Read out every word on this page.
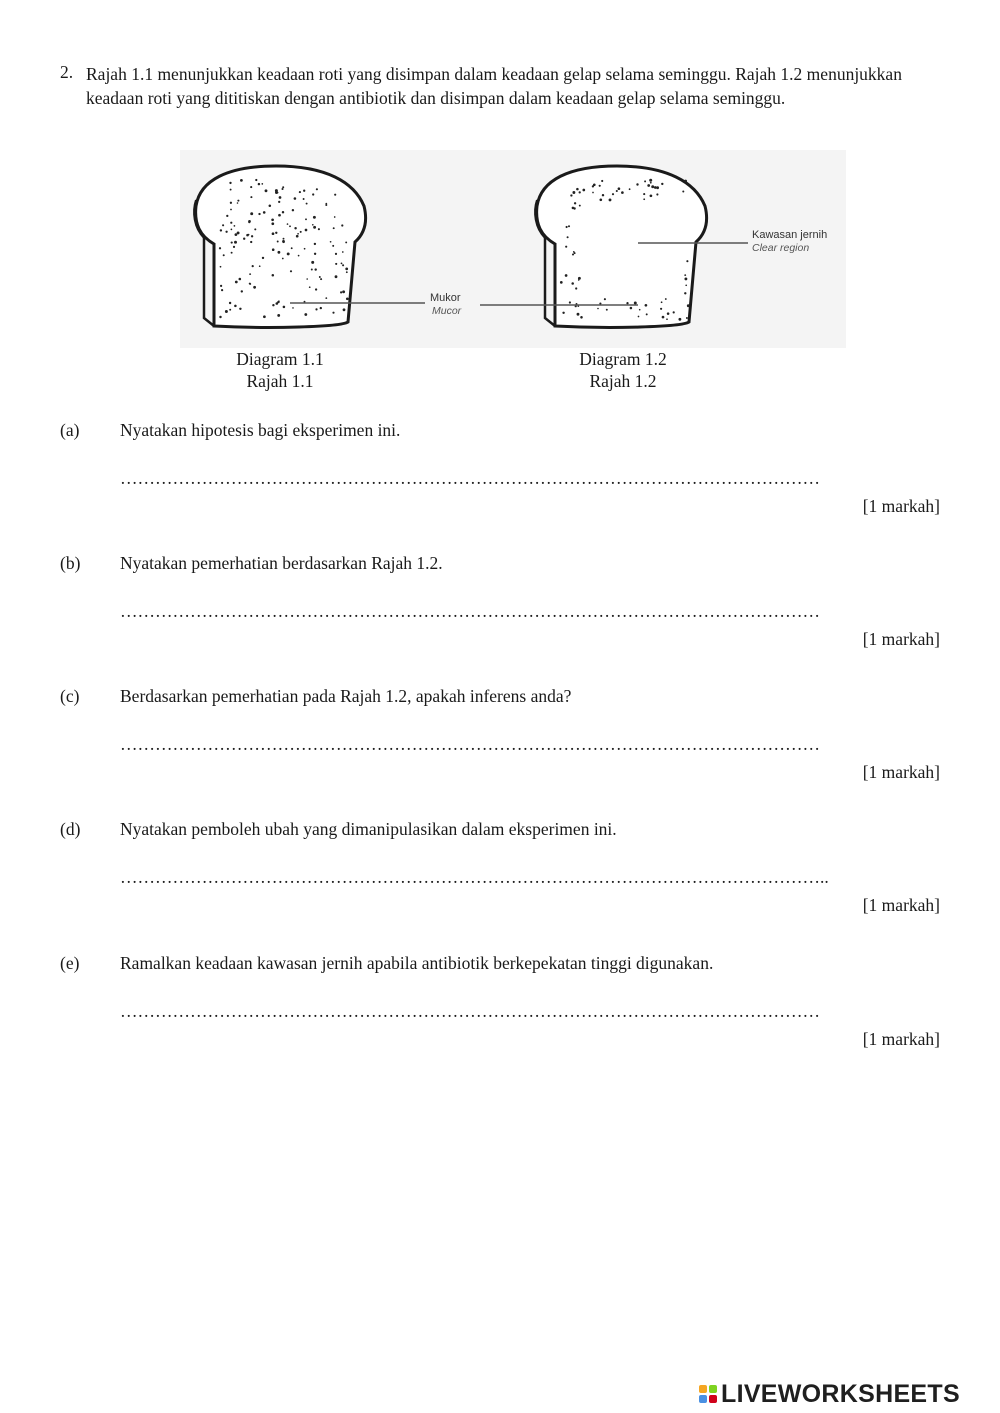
2. Rajah 1.1 menunjukkan keadaan roti yang disimpan dalam keadaan gelap selama seminggu. Rajah 1.2 menunjukkan keadaan roti yang dititiskan dengan antibiotik dan disimpan dalam keadaan gelap selama seminggu.
Mukor
Mucor
Kawasan jernih
Clear region
Diagram 1.1
Rajah 1.1
Diagram 1.2
Rajah 1.2
(a) Nyatakan hipotesis bagi eksperimen ini.
…………………………………………………………………………………………………………
[1 markah]
(b) Nyatakan pemerhatian berdasarkan Rajah 1.2.
…………………………………………………………………………………………………………
[1 markah]
(c) Berdasarkan pemerhatian pada Rajah 1.2, apakah inferens anda?
…………………………………………………………………………………………………………
[1 markah]
(d) Nyatakan pemboleh ubah yang dimanipulasikan dalam eksperimen ini.
…………………………………………………………………………………………………………..
[1 markah]
(e) Ramalkan keadaan kawasan jernih apabila antibiotik berkepekatan tinggi digunakan.
…………………………………………………………………………………………………………
[1 markah]
LIVEWORKSHEETS
